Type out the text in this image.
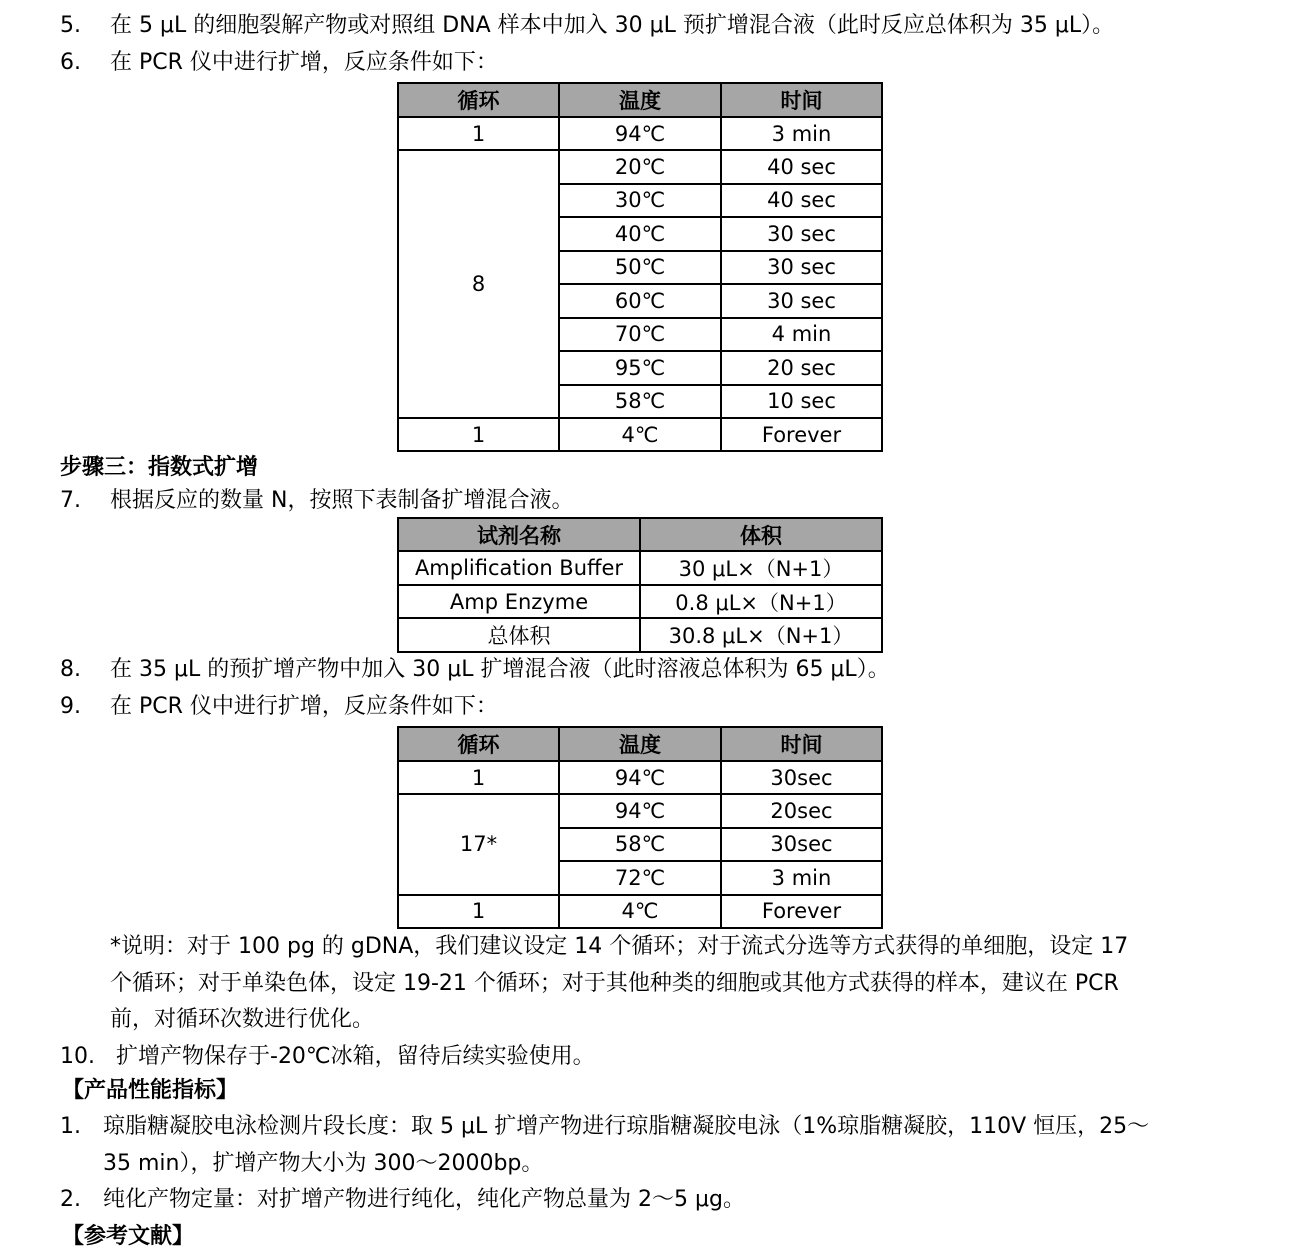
5. 在 5 μL 的细胞裂解产物或对照组 DNA 样本中加入 30 μL 预扩增混合液（此时反应总体积为 35 μL）。
6. 在 PCR 仪中进行扩增，反应条件如下：
循环	温度	时间
1	94℃	3 min
8	20℃	40 sec
	30℃	40 sec
	40℃	30 sec
	50℃	30 sec
	60℃	30 sec
	70℃	4 min
	95℃	20 sec
	58℃	10 sec
1	4℃	Forever
步骤三：指数式扩增
7. 根据反应的数量 N，按照下表制备扩增混合液。
试剂名称	体积
Amplification Buffer	30 μL×（N+1）
Amp Enzyme	0.8 μL×（N+1）
总体积	30.8 μL×（N+1）
8. 在 35 μL 的预扩增产物中加入 30 μL 扩增混合液（此时溶液总体积为 65 μL）。
9. 在 PCR 仪中进行扩增，反应条件如下：
循环	温度	时间
1	94℃	30sec
17*	94℃	20sec
	58℃	30sec
	72℃	3 min
1	4℃	Forever
*说明：对于 100 pg 的 gDNA，我们建议设定 14 个循环；对于流式分选等方式获得的单细胞，设定 17
个循环；对于单染色体，设定 19-21 个循环；对于其他种类的细胞或其他方式获得的样本，建议在 PCR
前，对循环次数进行优化。
10. 扩增产物保存于-20℃冰箱，留待后续实验使用。
【产品性能指标】
1. 琼脂糖凝胶电泳检测片段长度：取 5 μL 扩增产物进行琼脂糖凝胶电泳（1%琼脂糖凝胶，110V 恒压，25～
35 min），扩增产物大小为 300～2000bp。
2. 纯化产物定量：对扩增产物进行纯化，纯化产物总量为 2～5 μg。
【参考文献】
